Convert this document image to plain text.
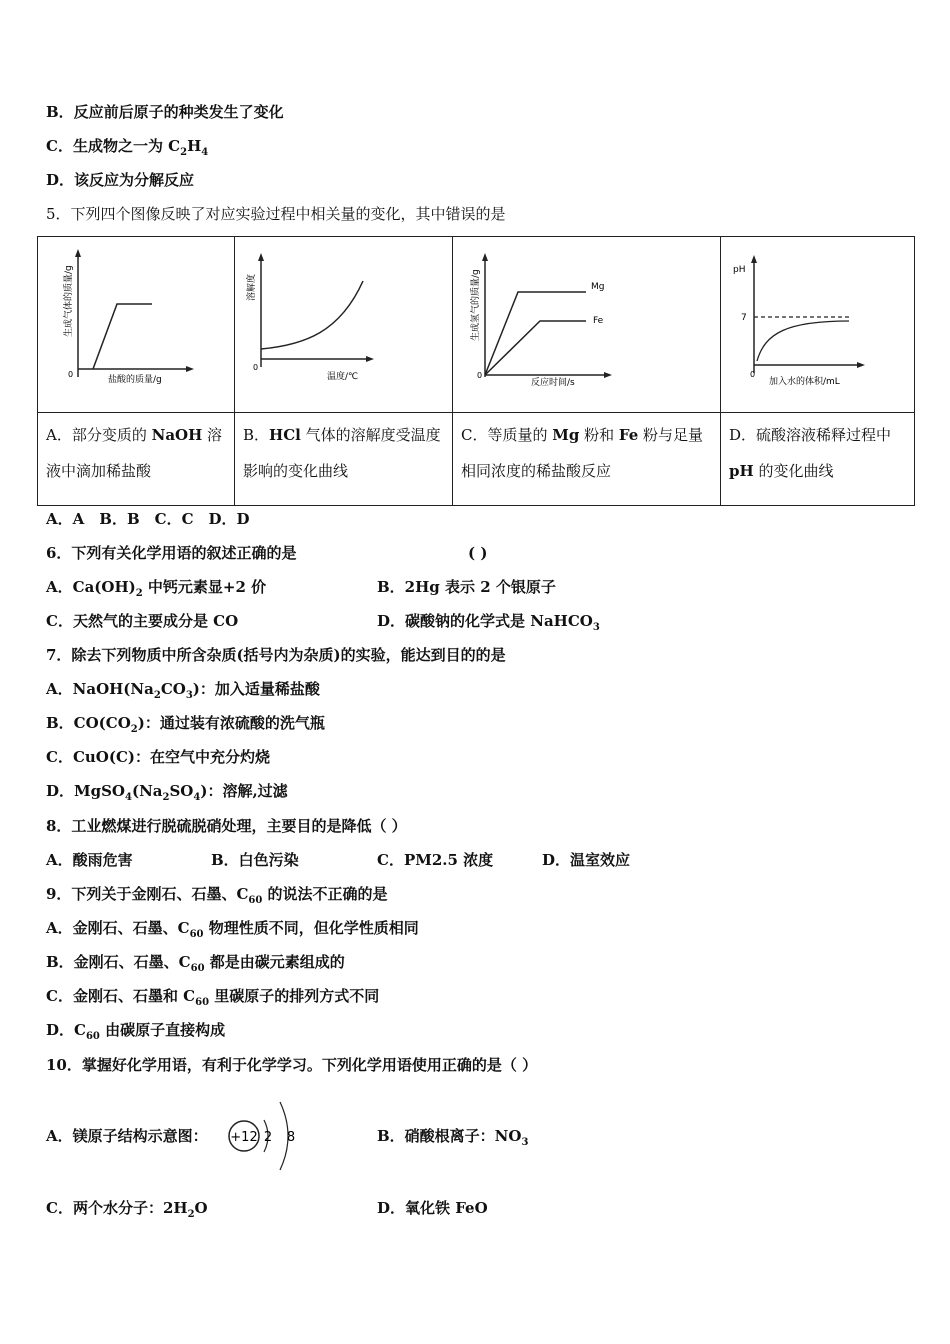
B．反应前后原子的种类发生了变化
C．生成物之一为 $C_2H_4$
D．该反应为分解反应
5．下列四个图像反映了对应实验过程中相关量的变化，其中错误的是
0
盐酸的质量/g
生成气体的质量/g	0
温度/℃
溶解度	Mg
Fe
0
反应时间/s
生成氢气的质量/g	7
pH
0
加入水的体积/mL

A．部分变质的 NaOH 溶液中滴加稀盐酸	B．HCl 气体的溶解度受温度影响的变化曲线	C．等质量的 Mg 粉和 Fe 粉与足量相同浓度的稀盐酸反应	D．硫酸溶液稀释过程中 pH 的变化曲线
A．A　B．B　C．C　D．D
6．下列有关化学用语的叙述正确的是	( )
A．$Ca(OH)_2$ 中钙元素显+2 价	B．2Hg 表示 2 个银原子
C．天然气的主要成分是 CO	D．碳酸钠的化学式是 NaHCO$_3$
7．除去下列物质中所含杂质(括号内为杂质)的实验，能达到目的的是
A．$NaOH(Na_2CO_3)$：加入适量稀盐酸
B．$CO(CO_2)$：通过装有浓硫酸的洗气瓶
C．CuO(C)：在空气中充分灼烧
D．$MgSO_4(Na_2SO_4)$：溶解,过滤
8．工业燃煤进行脱硫脱硝处理，主要目的是降低（ ）
A．酸雨危害	B．白色污染	C．PM2.5 浓度	D．温室效应
9．下列关于金刚石、石墨、$C_{60}$ 的说法不正确的是
A．金刚石、石墨、$C_{60}$ 物理性质不同，但化学性质相同
B．金刚石、石墨、$C_{60}$ 都是由碳元素组成的
C．金刚石、石墨和 $C_{60}$ 里碳原子的排列方式不同
D．$C_{60}$ 由碳原子直接构成
10．掌握好化学用语，有利于化学学习。下列化学用语使用正确的是（ ）
A．镁原子结构示意图： +12 2 8	B．硝酸根离子：$NO_3$
C．两个水分子：$2H_2O$	D．氧化铁 FeO
